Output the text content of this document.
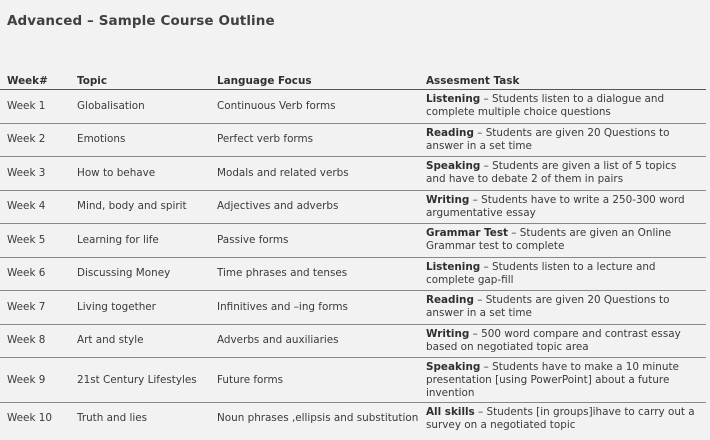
Advanced – Sample Course Outline
Week#	Topic	Language Focus	Assesment Task
Week 1	Globalisation	Continuous Verb forms	Listening – Students listen to a dialogue and complete multiple choice questions
Week 2	Emotions	Perfect verb forms	Reading – Students are given 20 Questions to answer in a set time
Week 3	How to behave	Modals and related verbs	Speaking – Students are given a list of 5 topics and have to debate 2 of them in pairs
Week 4	Mind, body and spirit	Adjectives and adverbs	Writing – Students have to write a 250-300 word argumentative essay
Week 5	Learning for life	Passive forms	Grammar Test – Students are given an Online Grammar test to complete
Week 6	Discussing Money	Time phrases and tenses	Listening – Students listen to a lecture and complete gap-fill
Week 7	Living together	Infinitives and –ing forms	Reading – Students are given 20 Questions to answer in a set time
Week 8	Art and style	Adverbs and auxiliaries	Writing – 500 word compare and contrast essay based on negotiated topic area
Week 9	21st Century Lifestyles	Future forms	Speaking – Students have to make a 10 minute presentation [using PowerPoint] about a future invention
Week 10	Truth and lies	Noun phrases ,ellipsis and substitution	All skills – Students [in groups]ihave to carry out a survey on a negotiated topic
